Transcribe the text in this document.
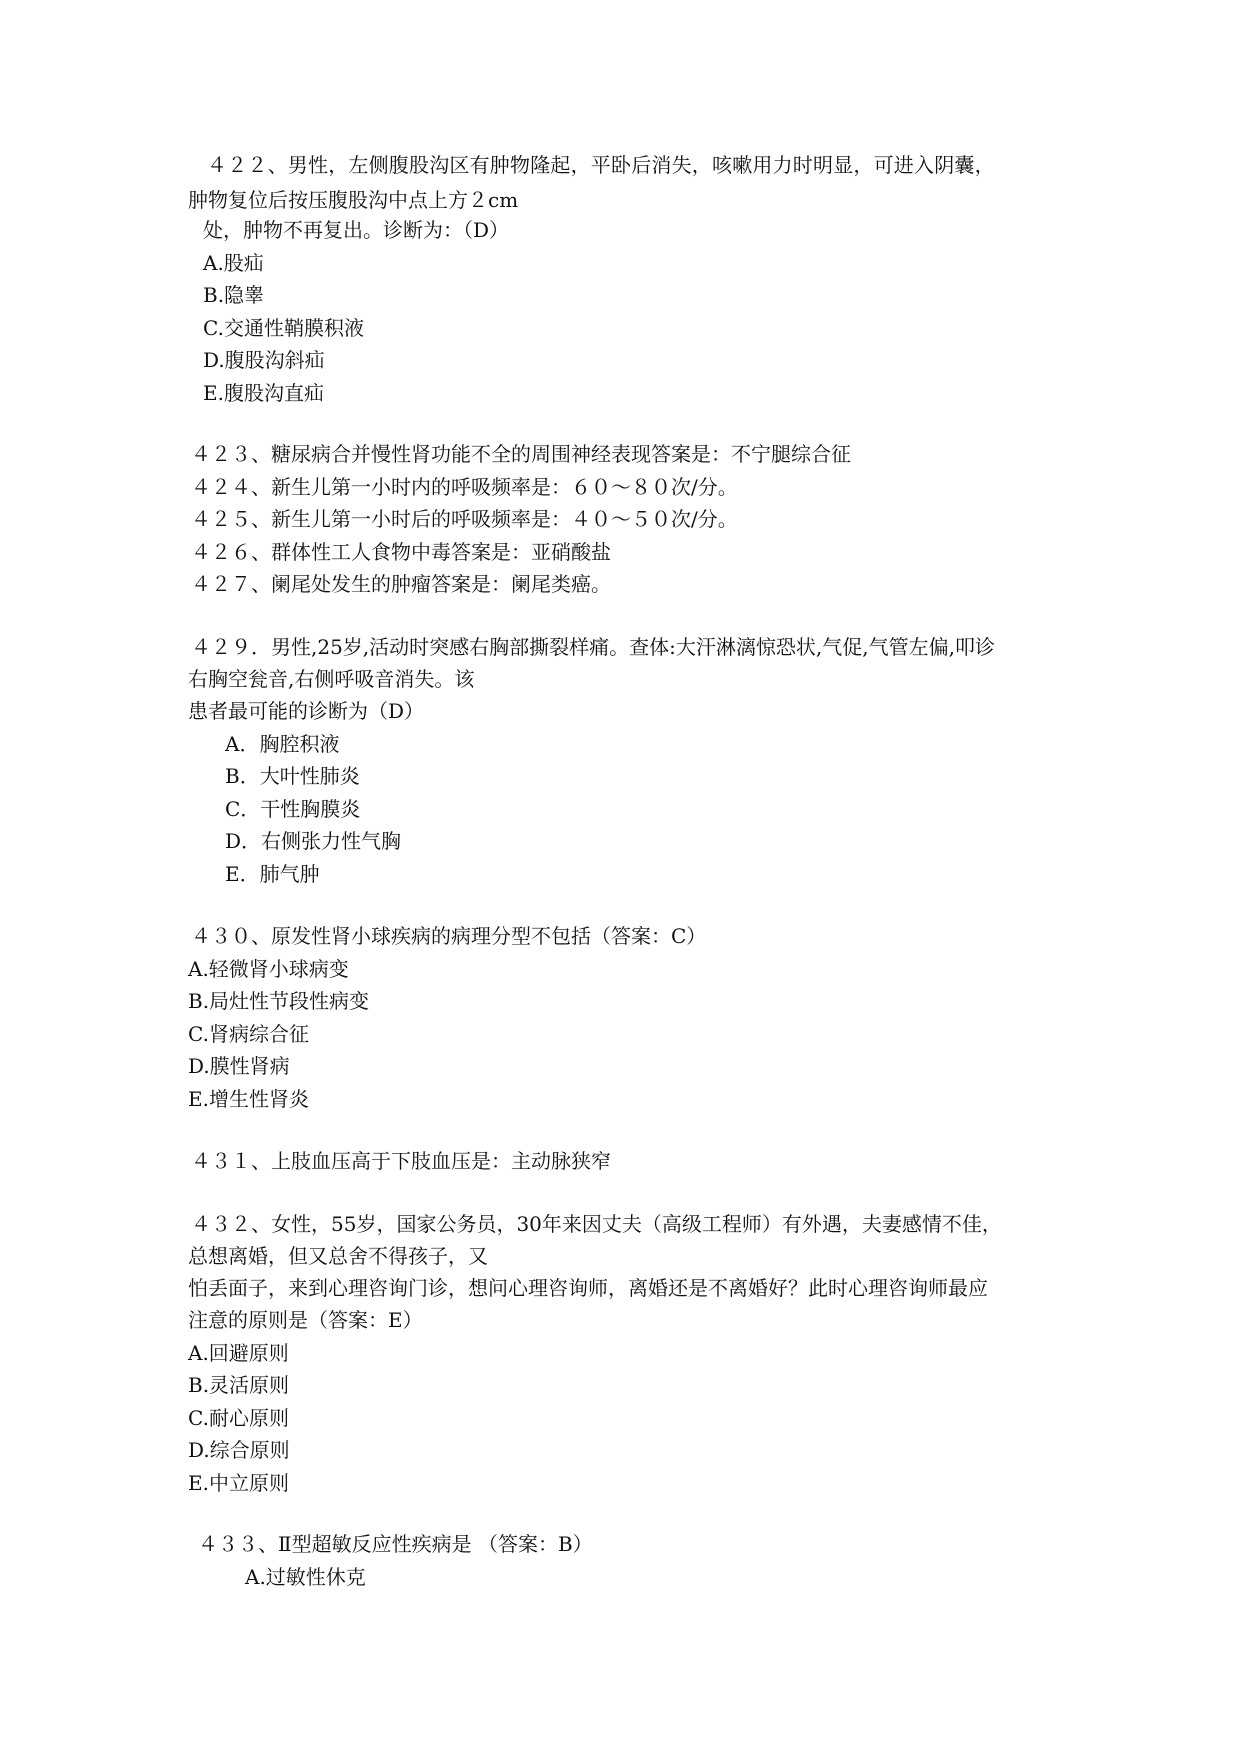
４２２、男性，左侧腹股沟区有肿物隆起，平卧后消失，咳嗽用力时明显，可进入阴囊，
肿物复位后按压腹股沟中点上方２cm
处，肿物不再复出。诊断为：（D）
A.股疝
B.隐睾
C.交通性鞘膜积液
D.腹股沟斜疝
E.腹股沟直疝
４２３、糖尿病合并慢性肾功能不全的周围神经表现答案是：不宁腿综合征
４２４、新生儿第一小时内的呼吸频率是：６０～８０次/分。
４２５、新生儿第一小时后的呼吸频率是：４０～５０次/分。
４２６、群体性工人食物中毒答案是：亚硝酸盐
４２７、阑尾处发生的肿瘤答案是：阑尾类癌。
４２９．男性,25岁,活动时突感右胸部撕裂样痛。查体:大汗淋漓惊恐状,气促,气管左偏,叩诊
右胸空瓮音,右侧呼吸音消失。该
患者最可能的诊断为（D）
A．胸腔积液
B．大叶性肺炎
C．干性胸膜炎
D．右侧张力性气胸
E．肺气肿
４３０、原发性肾小球疾病的病理分型不包括（答案：C）
A.轻微肾小球病变
B.局灶性节段性病变
C.肾病综合征
D.膜性肾病
E.增生性肾炎
４３１、上肢血压高于下肢血压是：主动脉狭窄
４３２、女性，55岁，国家公务员，30年来因丈夫（高级工程师）有外遇，夫妻感情不佳，
总想离婚，但又总舍不得孩子，又
怕丢面子，来到心理咨询门诊，想问心理咨询师，离婚还是不离婚好？此时心理咨询师最应
注意的原则是（答案：E）
A.回避原则
B.灵活原则
C.耐心原则
D.综合原则
E.中立原则
４３３、Ⅱ型超敏反应性疾病是 （答案：B）
A.过敏性休克
